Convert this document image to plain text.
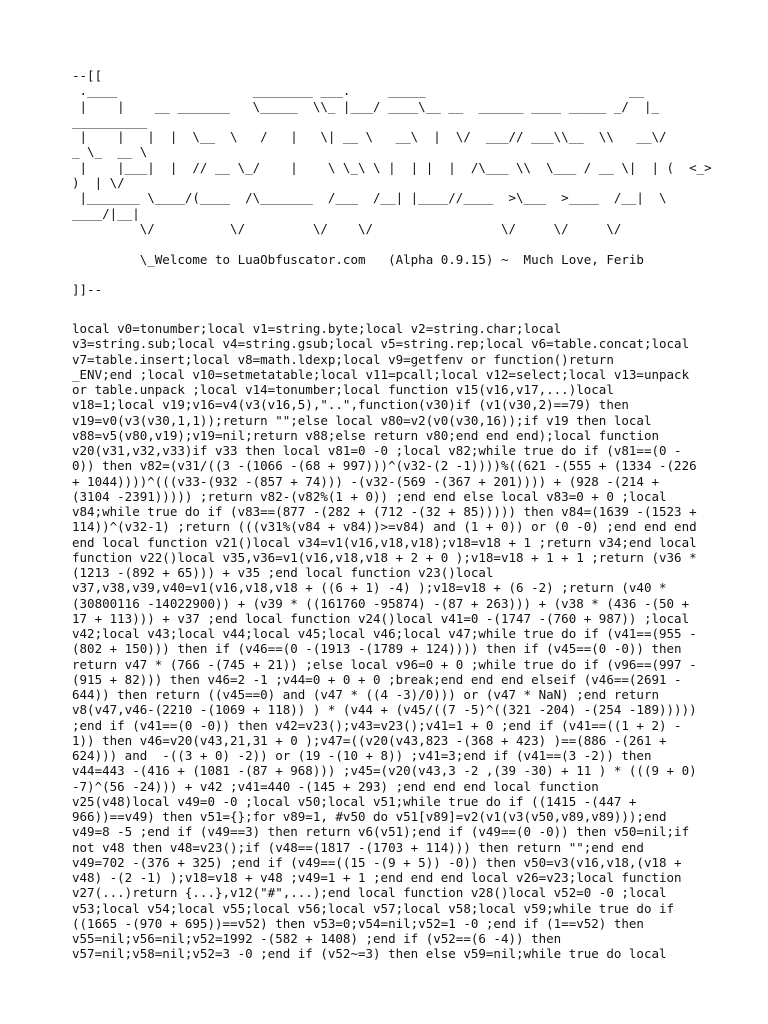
--[[
.____                  ________ ___.     _____                           __
|    |    __ _______   \_____  \\_ |___/ ____\__ __  ______ ____ _____ _/  |_
__________
|    |   |  |  \__  \   /   |   \| __ \   __\  |  \/  ___// ___\\__  \\   __\/
_ \_  __ \
|    |___|  |  // __ \_/    |    \ \_\ \ |  | |  |  /\___ \\  \___ / __ \|  | (  <_>
)  | \/
|_______ \____/(____  /\_______  /___  /__| |____//____  >\___  >____  /__|  \
____/|__|
\/          \/         \/    \/                 \/     \/     \/

\_Welcome to LuaObfuscator.com   (Alpha 0.9.15) ~  Much Love, Ferib

]]--
local v0=tonumber;local v1=string.byte;local v2=string.char;local
v3=string.sub;local v4=string.gsub;local v5=string.rep;local v6=table.concat;local
v7=table.insert;local v8=math.ldexp;local v9=getfenv or function()return
_ENV;end ;local v10=setmetatable;local v11=pcall;local v12=select;local v13=unpack
or table.unpack ;local v14=tonumber;local function v15(v16,v17,...)local
v18=1;local v19;v16=v4(v3(v16,5),"..",function(v30)if (v1(v30,2)==79) then
v19=v0(v3(v30,1,1));return "";else local v80=v2(v0(v30,16));if v19 then local
v88=v5(v80,v19);v19=nil;return v88;else return v80;end end end);local function
v20(v31,v32,v33)if v33 then local v81=0 -0 ;local v82;while true do if (v81==(0 -
0)) then v82=(v31/((3 -(1066 -(68 + 997)))^(v32-(2 -1))))%((621 -(555 + (1334 -(226
+ 1044))))^(((v33-(932 -(857 + 74))) -(v32-(569 -(367 + 201)))) + (928 -(214 +
(3104 -2391))))) ;return v82-(v82%(1 + 0)) ;end end else local v83=0 + 0 ;local
v84;while true do if (v83==(877 -(282 + (712 -(32 + 85))))) then v84=(1639 -(1523 +
114))^(v32-1) ;return (((v31%(v84 + v84))>=v84) and (1 + 0)) or (0 -0) ;end end end
end local function v21()local v34=v1(v16,v18,v18);v18=v18 + 1 ;return v34;end local
function v22()local v35,v36=v1(v16,v18,v18 + 2 + 0 );v18=v18 + 1 + 1 ;return (v36 *
(1213 -(892 + 65))) + v35 ;end local function v23()local
v37,v38,v39,v40=v1(v16,v18,v18 + ((6 + 1) -4) );v18=v18 + (6 -2) ;return (v40 *
(30800116 -14022900)) + (v39 * ((161760 -95874) -(87 + 263))) + (v38 * (436 -(50 +
17 + 113))) + v37 ;end local function v24()local v41=0 -(1747 -(760 + 987)) ;local
v42;local v43;local v44;local v45;local v46;local v47;while true do if (v41==(955 -
(802 + 150))) then if (v46==(0 -(1913 -(1789 + 124)))) then if (v45==(0 -0)) then
return v47 * (766 -(745 + 21)) ;else local v96=0 + 0 ;while true do if (v96==(997 -
(915 + 82))) then v46=2 -1 ;v44=0 + 0 + 0 ;break;end end end elseif (v46==(2691 -
644)) then return ((v45==0) and (v47 * ((4 -3)/0))) or (v47 * NaN) ;end return
v8(v47,v46-(2210 -(1069 + 118)) ) * (v44 + (v45/((7 -5)^((321 -204) -(254 -189)))))
;end if (v41==(0 -0)) then v42=v23();v43=v23();v41=1 + 0 ;end if (v41==((1 + 2) -
1)) then v46=v20(v43,21,31 + 0 );v47=((v20(v43,823 -(368 + 423) )==(886 -(261 +
624))) and  -((3 + 0) -2)) or (19 -(10 + 8)) ;v41=3;end if (v41==(3 -2)) then
v44=443 -(416 + (1081 -(87 + 968))) ;v45=(v20(v43,3 -2 ,(39 -30) + 11 ) * (((9 + 0)
-7)^(56 -24))) + v42 ;v41=440 -(145 + 293) ;end end end local function
v25(v48)local v49=0 -0 ;local v50;local v51;while true do if ((1415 -(447 +
966))==v49) then v51={};for v89=1, #v50 do v51[v89]=v2(v1(v3(v50,v89,v89)));end
v49=8 -5 ;end if (v49==3) then return v6(v51);end if (v49==(0 -0)) then v50=nil;if
not v48 then v48=v23();if (v48==(1817 -(1703 + 114))) then return "";end end
v49=702 -(376 + 325) ;end if (v49==((15 -(9 + 5)) -0)) then v50=v3(v16,v18,(v18 +
v48) -(2 -1) );v18=v18 + v48 ;v49=1 + 1 ;end end end local v26=v23;local function
v27(...)return {...},v12("#",...);end local function v28()local v52=0 -0 ;local
v53;local v54;local v55;local v56;local v57;local v58;local v59;while true do if
((1665 -(970 + 695))==v52) then v53=0;v54=nil;v52=1 -0 ;end if (1==v52) then
v55=nil;v56=nil;v52=1992 -(582 + 1408) ;end if (v52==(6 -4)) then
v57=nil;v58=nil;v52=3 -0 ;end if (v52~=3) then else v59=nil;while true do local
